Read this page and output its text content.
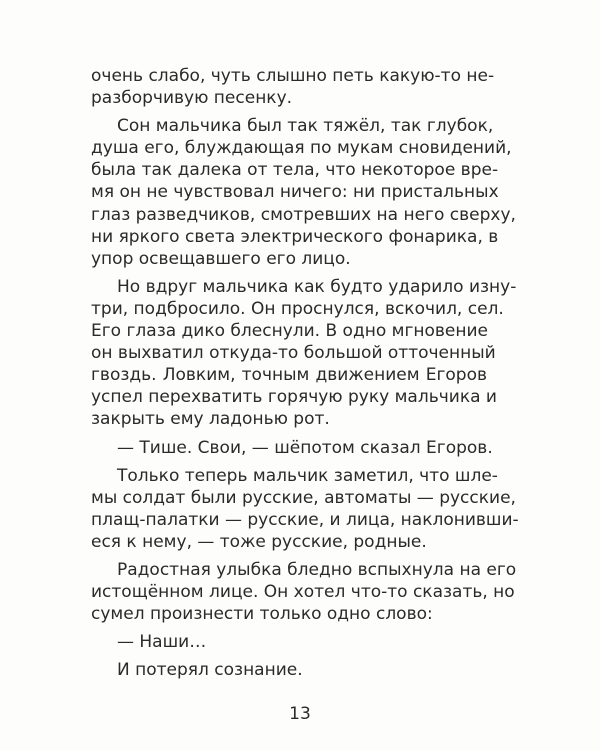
очень слабо, чуть слышно петь какую-то не-
разборчивую песенку.
Сон мальчика был так тяжёл, так глубок,
душа его, блуждающая по мукам сновидений,
была так далека от тела, что некоторое вре-
мя он не чувствовал ничего: ни пристальных
глаз разведчиков, смотревших на него сверху,
ни яркого света электрического фонарика, в
упор освещавшего его лицо.
Но вдруг мальчика как будто ударило изну-
три, подбросило. Он проснулся, вскочил, сел.
Его глаза дико блеснули. В одно мгновение
он выхватил откуда-то большой отточенный
гвоздь. Ловким, точным движением Егоров
успел перехватить горячую руку мальчика и
закрыть ему ладонью рот.
— Тише. Свои, — шёпотом сказал Егоров.
Только теперь мальчик заметил, что шле-
мы солдат были русские, автоматы — русские,
плащ-палатки — русские, и лица, наклонивши-
еся к нему, — тоже русские, родные.
Радостная улыбка бледно вспыхнула на его
истощённом лице. Он хотел что-то сказать, но
сумел произнести только одно слово:
— Наши…
И потерял сознание.
13
